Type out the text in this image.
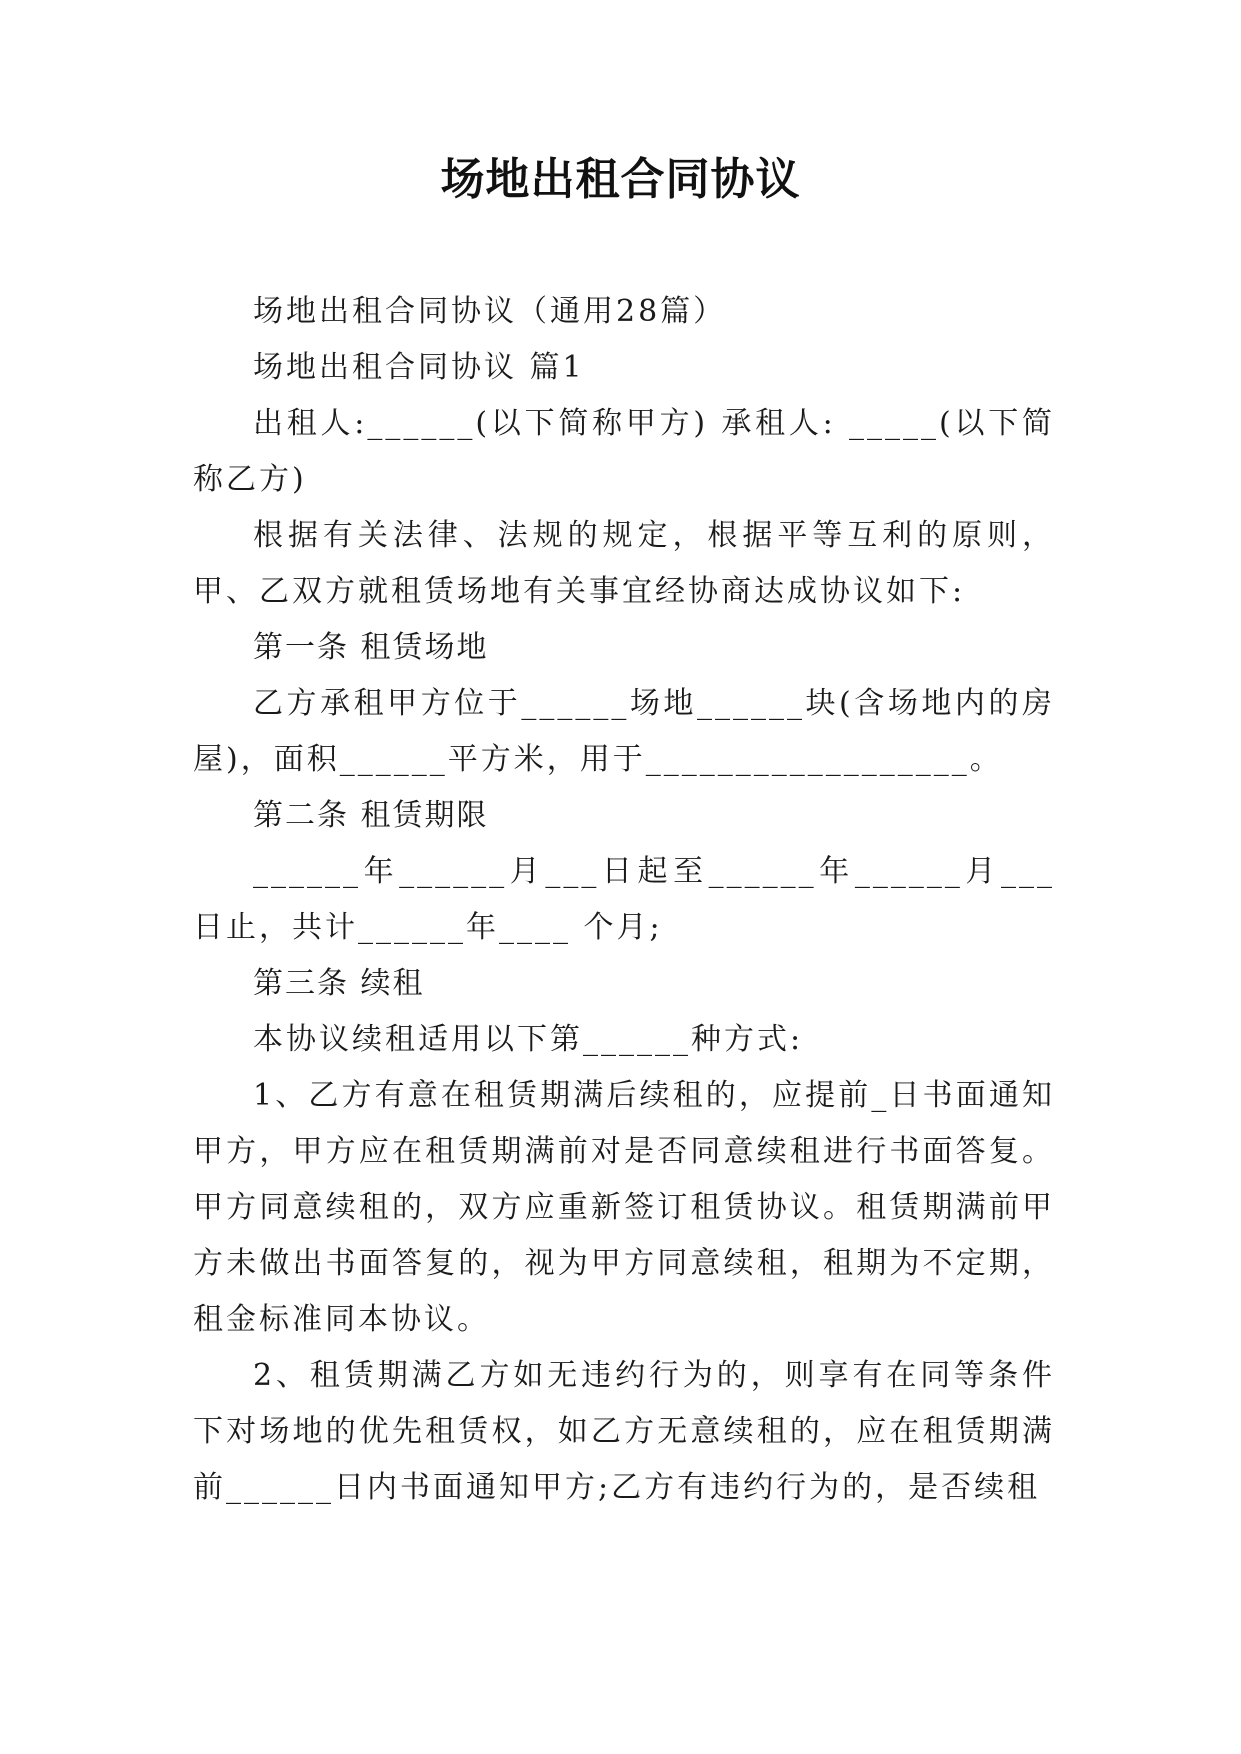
场地出租合同协议

场地出租合同协议（通用28篇）

场地出租合同协议 篇1

出租人:______(以下简称甲方) 承租人: _____(以下简称乙方)

根据有关法律、法规的规定，根据平等互利的原则，甲、乙双方就租赁场地有关事宜经协商达成协议如下:

第一条 租赁场地

乙方承租甲方位于______场地______块(含场地内的房屋)，面积______平方米，用于__________________。

第二条 租赁期限

______年______月___日起至______年______月___日止，共计______年____ 个月;

第三条 续租

本协议续租适用以下第______种方式:

1、乙方有意在租赁期满后续租的，应提前_日书面通知甲方，甲方应在租赁期满前对是否同意续租进行书面答复。甲方同意续租的，双方应重新签订租赁协议。租赁期满前甲方未做出书面答复的，视为甲方同意续租，租期为不定期，租金标准同本协议。

2、租赁期满乙方如无违约行为的，则享有在同等条件下对场地的优先租赁权，如乙方无意续租的，应在租赁期满前______日内书面通知甲方;乙方有违约行为的，是否续租
